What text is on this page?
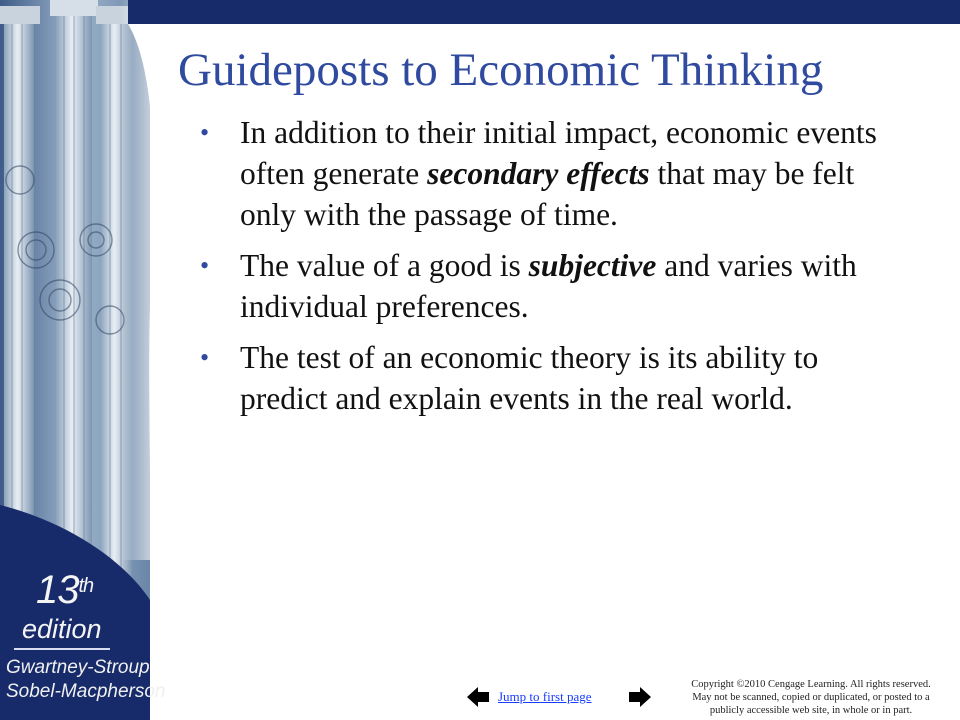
13th
edition
Gwartney-Stroup
Sobel-Macpherson
Guideposts to Economic Thinking
• In addition to their initial impact, economic events often generate secondary effects that may be felt only with the passage of time.
• The value of a good is subjective and varies with individual preferences.
• The test of an economic theory is its ability to predict and explain events in the real world.
Jump to first page
Copyright ©2010 Cengage Learning. All rights reserved.
May not be scanned, copied or duplicated, or posted to a
publicly accessible web site, in whole or in part.
